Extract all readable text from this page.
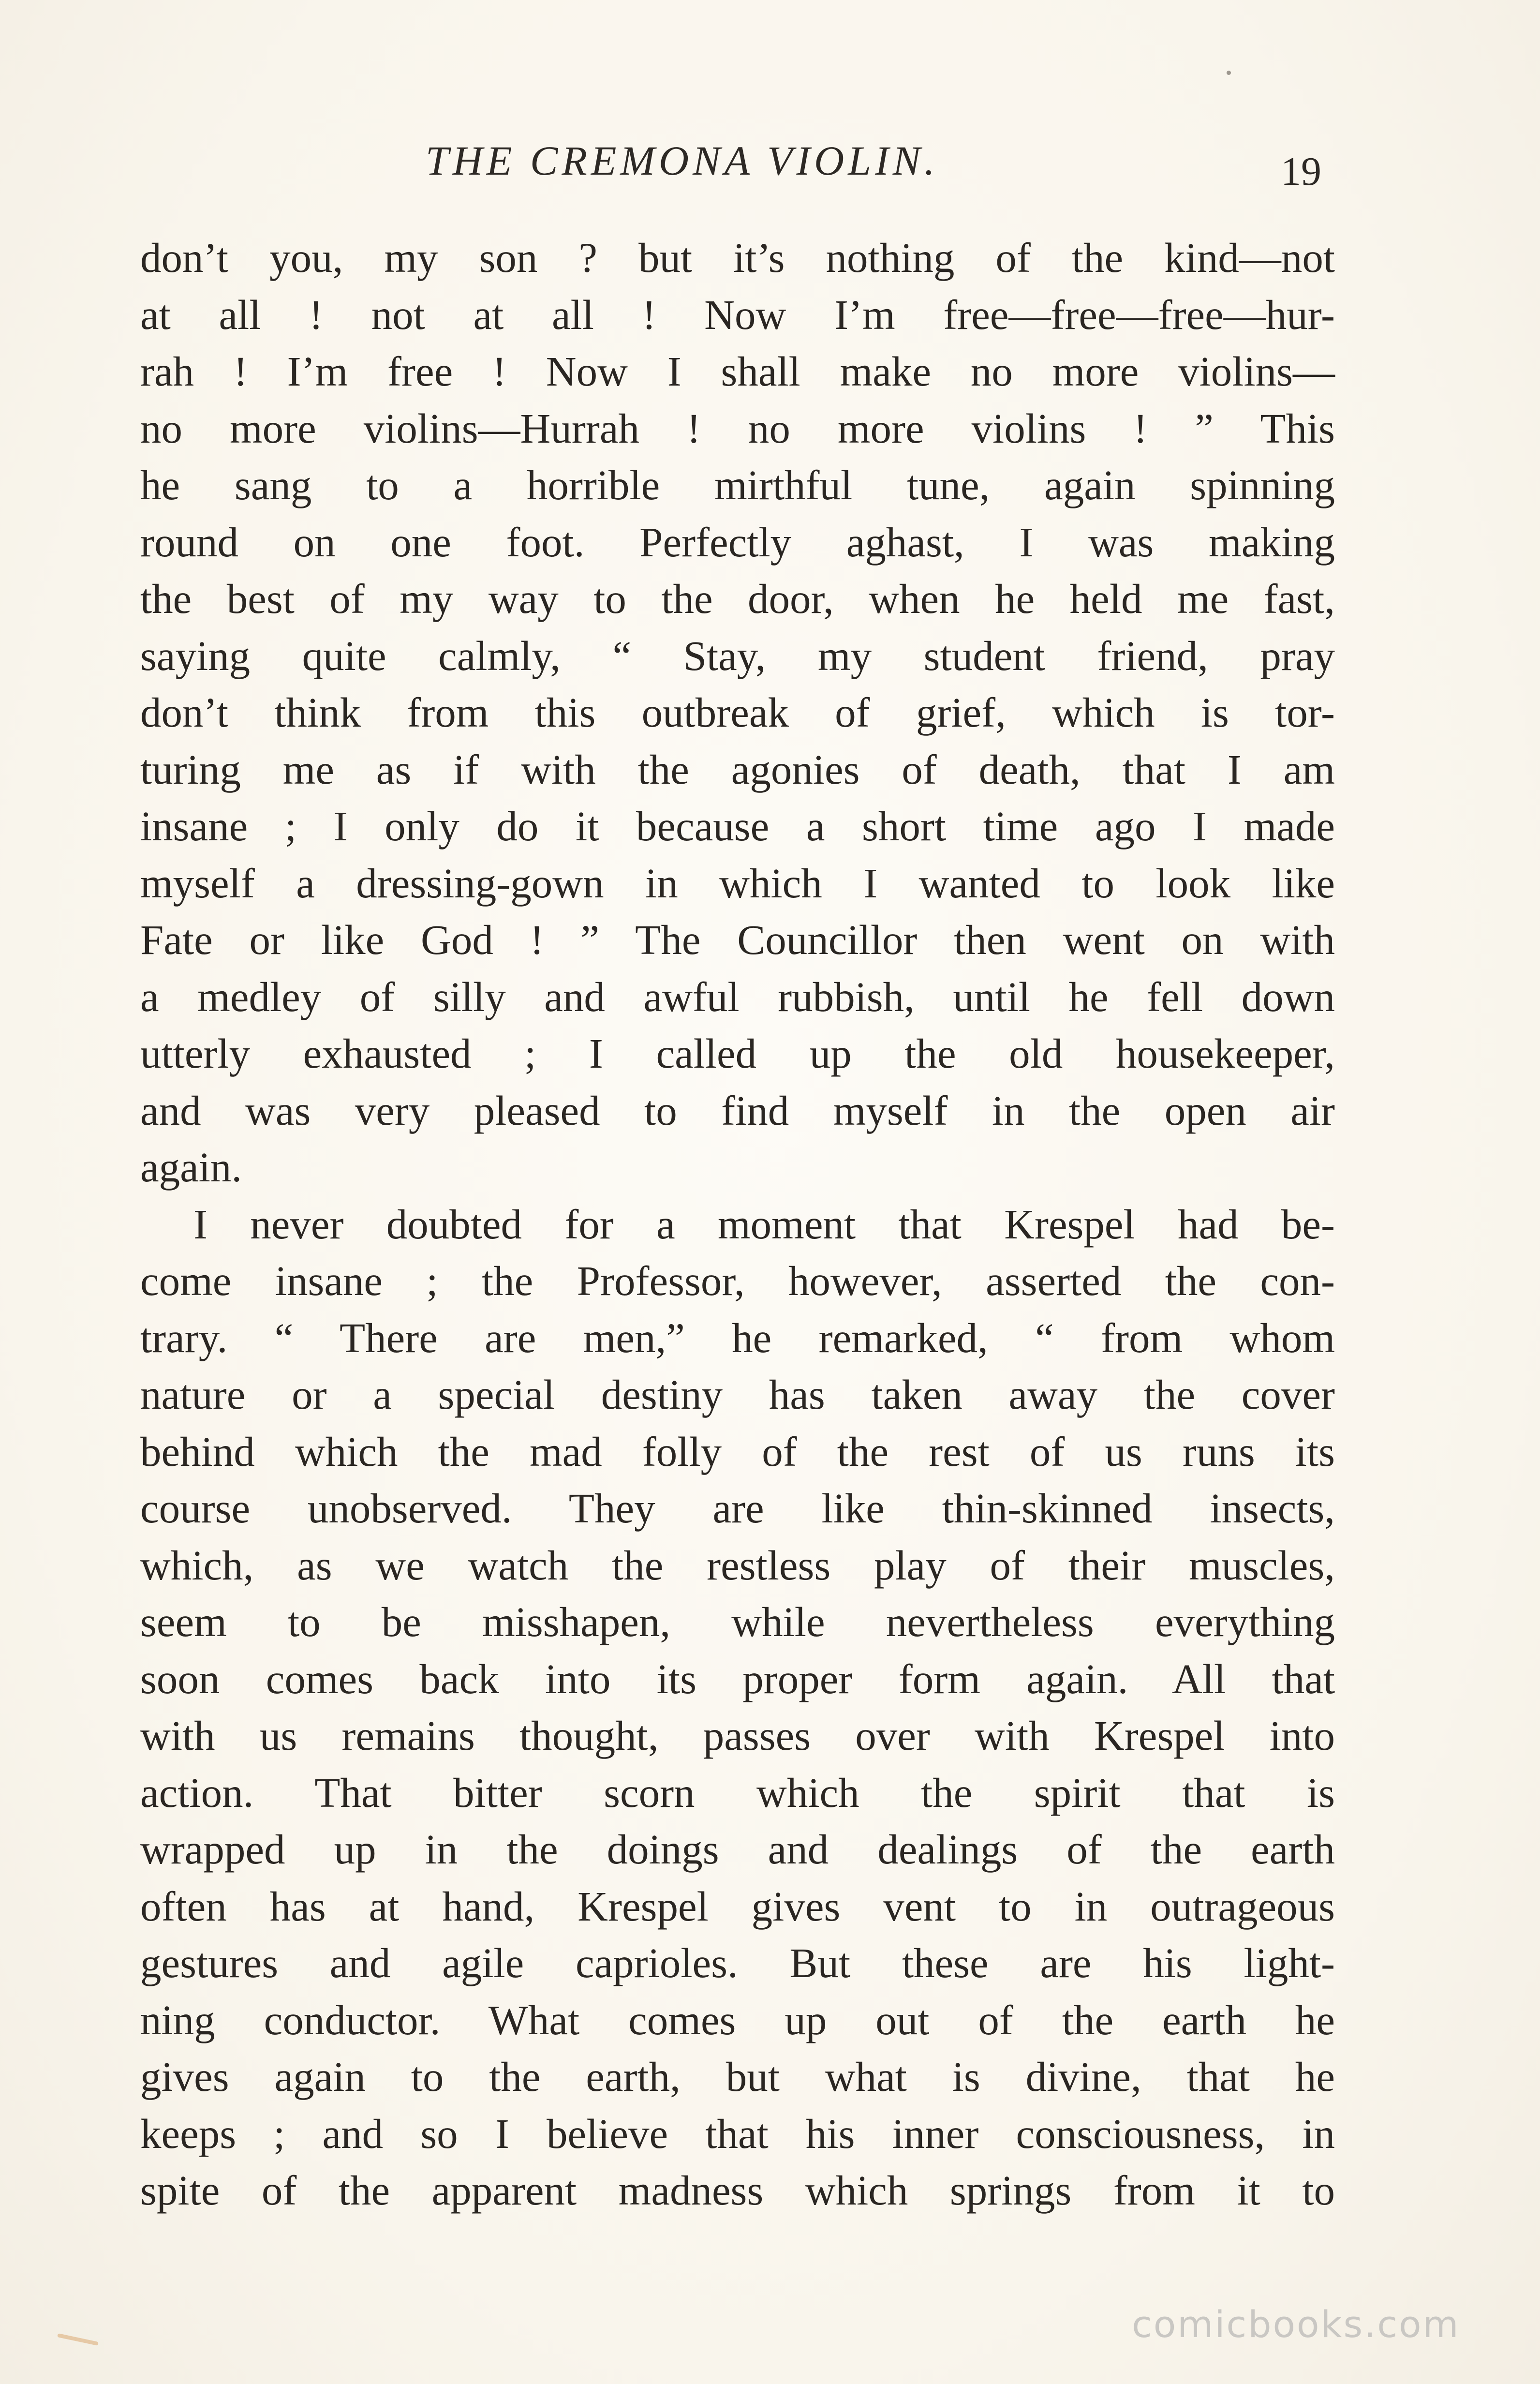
THE CREMONA VIOLIN.	19
don’t you, my son ? but it’s nothing of the kind—not
at all ! not at all ! Now I’m free—free—free—hur-
rah ! I’m free ! Now I shall make no more violins—
no more violins—Hurrah ! no more violins ! ” This
he sang to a horrible mirthful tune, again spinning
round on one foot. Perfectly aghast, I was making
the best of my way to the door, when he held me fast,
saying quite calmly, “ Stay, my student friend, pray
don’t think from this outbreak of grief, which is tor-
turing me as if with the agonies of death, that I am
insane ; I only do it because a short time ago I made
myself a dressing-gown in which I wanted to look like
Fate or like God ! ” The Councillor then went on with
a medley of silly and awful rubbish, until he fell down
utterly exhausted ; I called up the old housekeeper,
and was very pleased to find myself in the open air
again.
I never doubted for a moment that Krespel had be-
come insane ; the Professor, however, asserted the con-
trary. “ There are men,” he remarked, “ from whom
nature or a special destiny has taken away the cover
behind which the mad folly of the rest of us runs its
course unobserved. They are like thin-skinned insects,
which, as we watch the restless play of their muscles,
seem to be misshapen, while nevertheless everything
soon comes back into its proper form again. All that
with us remains thought, passes over with Krespel into
action. That bitter scorn which the spirit that is
wrapped up in the doings and dealings of the earth
often has at hand, Krespel gives vent to in outrageous
gestures and agile caprioles. But these are his light-
ning conductor. What comes up out of the earth he
gives again to the earth, but what is divine, that he
keeps ; and so I believe that his inner consciousness, in
spite of the apparent madness which springs from it to
comicbooks.com
